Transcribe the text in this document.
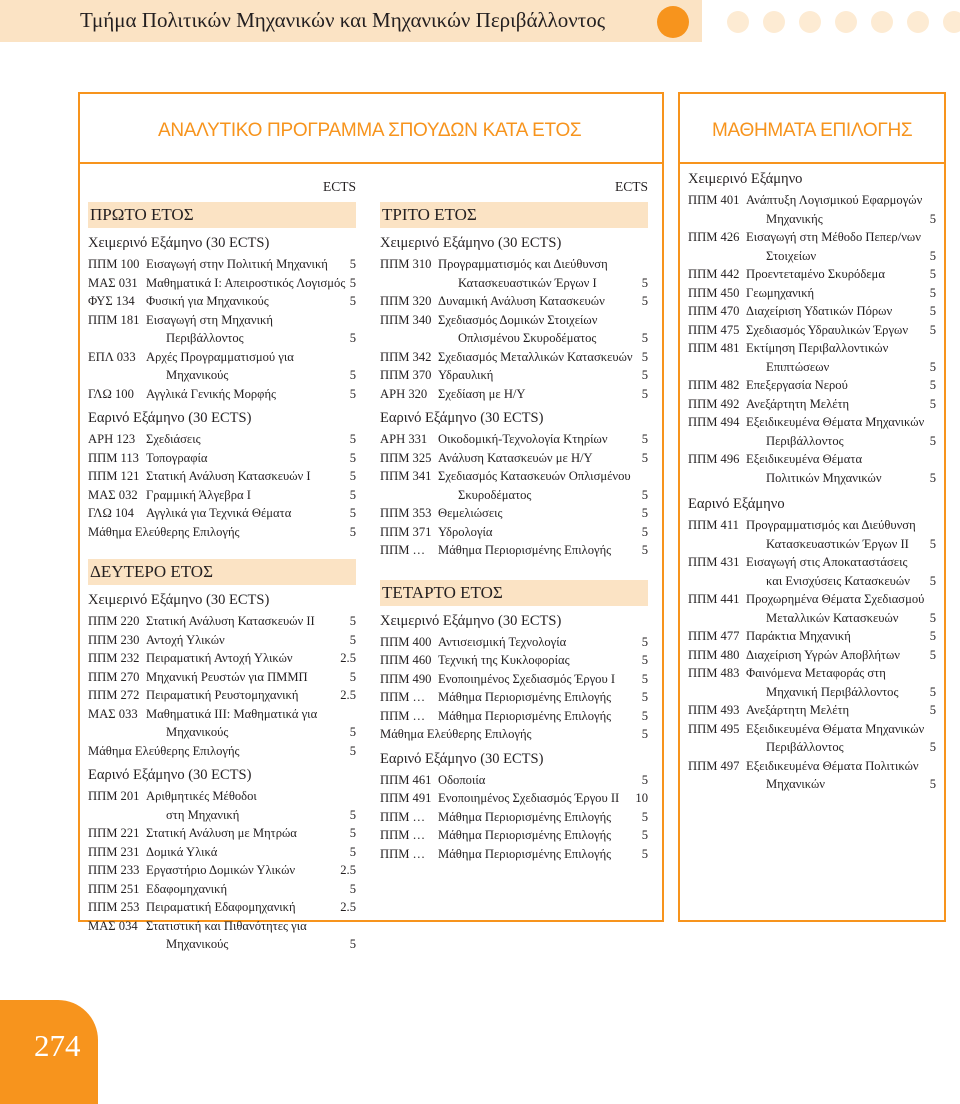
Τμήμα Πολιτικών Μηχανικών και Μηχανικών Περιβάλλοντος
ΑΝΑΛΥΤΙΚΟ ΠΡΟΓΡΑΜΜΑ ΣΠΟΥΔΩΝ ΚΑΤΑ ΕΤΟΣ	ΜΑΘΗΜΑΤΑ ΕΠΙΛΟΓΗΣ
ECTS
ΠΡΩΤΟ ΕΤΟΣ
Χειμερινό Εξάμηνο (30 ECTS)
ΠΠΜ 100 Εισαγωγή στην Πολιτική Μηχανική	5
ΜΑΣ 031 Μαθηματικά Ι: Απειροστικός Λογισμός 5
ΦΥΣ 134 Φυσική για Μηχανικούς	5
ΠΠΜ 181 Εισαγωγή στη Μηχανική
Περιβάλλοντος	5
ΕΠΛ 033 Αρχές Προγραμματισμού για
Μηχανικούς	5
ΓΛΩ 100 Αγγλικά Γενικής Μορφής	5
Εαρινό Εξάμηνο (30 ECTS)
ΑΡΗ 123 Σχεδιάσεις	5
ΠΠΜ 113 Τοπογραφία	5
ΠΠΜ 121 Στατική Ανάλυση Κατασκευών Ι	5
ΜΑΣ 032 Γραμμική Άλγεβρα Ι	5
ΓΛΩ 104 Αγγλικά για Τεχνικά Θέματα	5
Μάθημα Ελεύθερης Επιλογής	5
ΔΕΥΤΕΡΟ ΕΤΟΣ
Χειμερινό Εξάμηνο (30 ECTS)
ΠΠΜ 220 Στατική Ανάλυση Κατασκευών ΙΙ	5
ΠΠΜ 230 Αντοχή Υλικών	5
ΠΠΜ 232 Πειραματική Αντοχή Υλικών	2.5
ΠΠΜ 270 Μηχανική Ρευστών για ΠΜΜΠ	5
ΠΠΜ 272 Πειραματική Ρευστομηχανική	2.5
ΜΑΣ 033 Μαθηματικά ΙΙΙ: Μαθηματικά για
Μηχανικούς	5
Μάθημα Ελεύθερης Επιλογής	5
Εαρινό Εξάμηνο (30 ECTS)
ΠΠΜ 201 Αριθμητικές Μέθοδοι
στη Μηχανική	5
ΠΠΜ 221 Στατική Ανάλυση με Μητρώα	5
ΠΠΜ 231 Δομικά Υλικά	5
ΠΠΜ 233 Εργαστήριο Δομικών Υλικών	2.5
ΠΠΜ 251 Εδαφομηχανική	5
ΠΠΜ 253 Πειραματική Εδαφομηχανική	2.5
ΜΑΣ 034 Στατιστική και Πιθανότητες για
Μηχανικούς	5
ECTS
ΤΡΙΤΟ ΕΤΟΣ
Χειμερινό Εξάμηνο (30 ECTS)
ΠΠΜ 310 Προγραμματισμός και Διεύθυνση
Κατασκευαστικών Έργων Ι	5
ΠΠΜ 320 Δυναμική Ανάλυση Κατασκευών	5
ΠΠΜ 340 Σχεδιασμός Δομικών Στοιχείων
Οπλισμένου Σκυροδέματος	5
ΠΠΜ 342 Σχεδιασμός Μεταλλικών Κατασκευών 5
ΠΠΜ 370 Υδραυλική	5
ΑΡΗ 320 Σχεδίαση με Η/Υ	5
Εαρινό Εξάμηνο (30 ECTS)
ΑΡΗ 331 Οικοδομική-Τεχνολογία Κτηρίων	5
ΠΠΜ 325 Ανάλυση Κατασκευών με Η/Υ	5
ΠΠΜ 341 Σχεδιασμός Κατασκευών Οπλισμένου
Σκυροδέματος	5
ΠΠΜ 353 Θεμελιώσεις	5
ΠΠΜ 371 Υδρολογία	5
ΠΠΜ … Μάθημα Περιορισμένης Επιλογής	5
ΤΕΤΑΡΤΟ ΕΤΟΣ
Χειμερινό Εξάμηνο (30 ECTS)
ΠΠΜ 400 Αντισεισμική Τεχνολογία	5
ΠΠΜ 460 Τεχνική της Κυκλοφορίας	5
ΠΠΜ 490 Ενοποιημένος Σχεδιασμός Έργου Ι	5
ΠΠΜ … Μάθημα Περιορισμένης Επιλογής	5
ΠΠΜ … Μάθημα Περιορισμένης Επιλογής	5
Μάθημα Ελεύθερης Επιλογής	5
Εαρινό Εξάμηνο (30 ECTS)
ΠΠΜ 461 Οδοποιία	5
ΠΠΜ 491 Ενοποιημένος Σχεδιασμός Έργου ΙΙ	10
ΠΠΜ … Μάθημα Περιορισμένης Επιλογής	5
ΠΠΜ … Μάθημα Περιορισμένης Επιλογής	5
ΠΠΜ … Μάθημα Περιορισμένης Επιλογής	5
Χειμερινό Εξάμηνο
ΠΠΜ 401 Ανάπτυξη Λογισμικού Εφαρμογών
Μηχανικής	5
ΠΠΜ 426 Εισαγωγή στη Μέθοδο Πεπερ/νων
Στοιχείων	5
ΠΠΜ 442 Προεντεταμένο Σκυρόδεμα	5
ΠΠΜ 450 Γεωμηχανική	5
ΠΠΜ 470 Διαχείριση Υδατικών Πόρων	5
ΠΠΜ 475 Σχεδιασμός Υδραυλικών Έργων	5
ΠΠΜ 481 Εκτίμηση Περιβαλλοντικών
Επιπτώσεων	5
ΠΠΜ 482 Επεξεργασία Νερού	5
ΠΠΜ 492 Ανεξάρτητη Μελέτη	5
ΠΠΜ 494 Εξειδικευμένα Θέματα Μηχανικών
Περιβάλλοντος	5
ΠΠΜ 496 Εξειδικευμένα Θέματα
Πολιτικών Μηχανικών	5
Εαρινό Εξάμηνο
ΠΠΜ 411 Προγραμματισμός και Διεύθυνση
Κατασκευαστικών Έργων ΙΙ	5
ΠΠΜ 431 Εισαγωγή στις Αποκαταστάσεις
και Ενισχύσεις Κατασκευών	5
ΠΠΜ 441 Προχωρημένα Θέματα Σχεδιασμού
Μεταλλικών Κατασκευών	5
ΠΠΜ 477 Παράκτια Μηχανική	5
ΠΠΜ 480 Διαχείριση Υγρών Αποβλήτων	5
ΠΠΜ 483 Φαινόμενα Μεταφοράς στη
Μηχανική Περιβάλλοντος	5
ΠΠΜ 493 Ανεξάρτητη Μελέτη	5
ΠΠΜ 495 Εξειδικευμένα Θέματα Μηχανικών
Περιβάλλοντος	5
ΠΠΜ 497 Εξειδικευμένα Θέματα Πολιτικών
Μηχανικών	5
274
